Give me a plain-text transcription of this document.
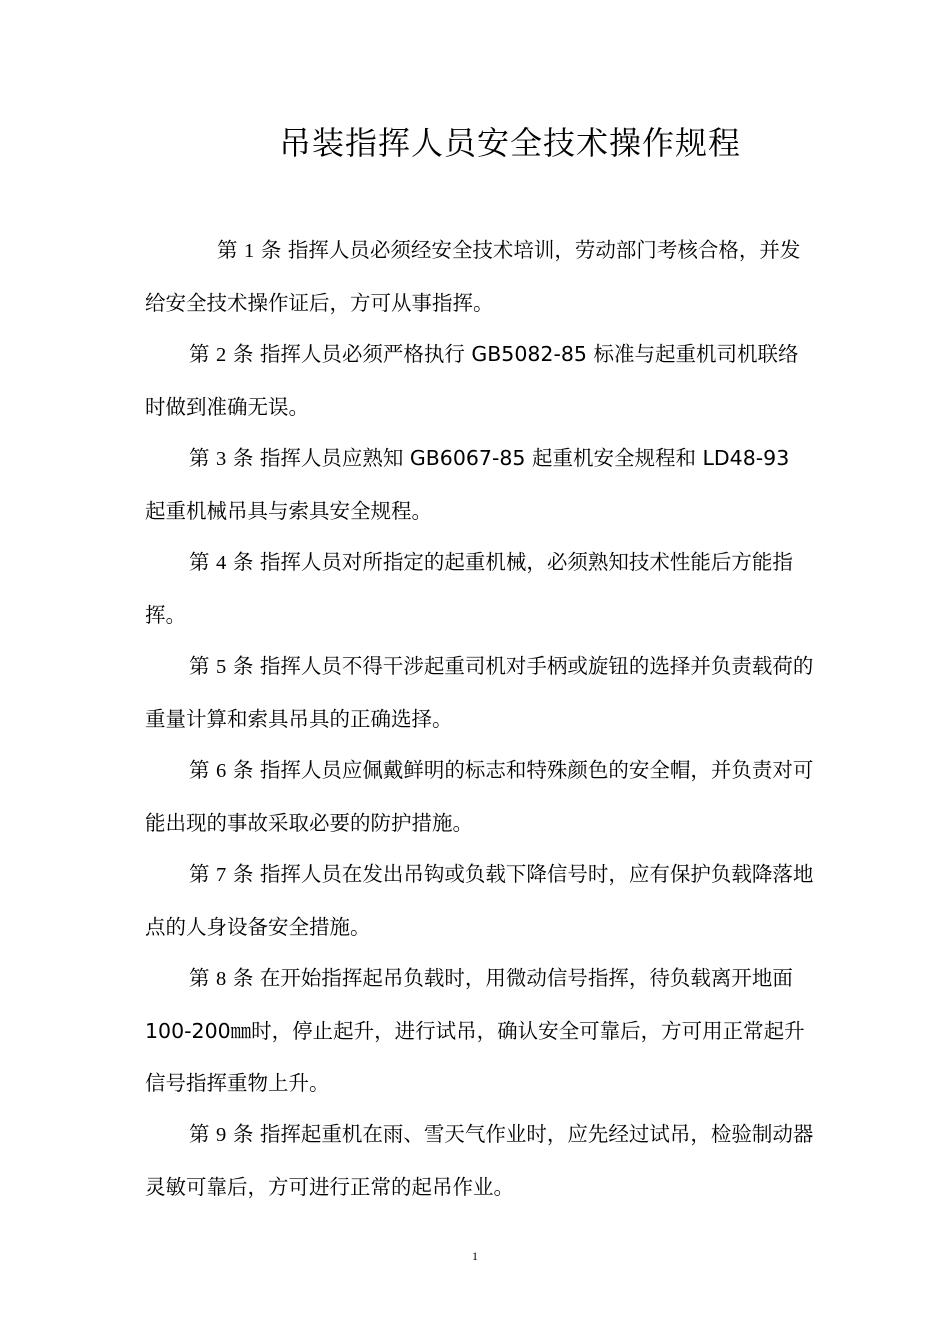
吊装指挥人员安全技术操作规程

第 1 条 指挥人员必须经安全技术培训，劳动部门考核合格，并发给安全技术操作证后，方可从事指挥。

第 2 条 指挥人员必须严格执行 GB5082-85 标准与起重机司机联络时做到准确无误。

第 3 条 指挥人员应熟知 GB6067-85 起重机安全规程和 LD48-93 起重机械吊具与索具安全规程。

第 4 条 指挥人员对所指定的起重机械，必须熟知技术性能后方能指挥。

第 5 条 指挥人员不得干涉起重司机对手柄或旋钮的选择并负责载荷的重量计算和索具吊具的正确选择。

第 6 条 指挥人员应佩戴鲜明的标志和特殊颜色的安全帽，并负责对可能出现的事故采取必要的防护措施。

第 7 条 指挥人员在发出吊钩或负载下降信号时，应有保护负载降落地点的人身设备安全措施。

第 8 条 在开始指挥起吊负载时，用微动信号指挥，待负载离开地面 100-200㎜时，停止起升，进行试吊，确认安全可靠后，方可用正常起升信号指挥重物上升。

第 9 条 指挥起重机在雨、雪天气作业时，应先经过试吊，检验制动器灵敏可靠后，方可进行正常的起吊作业。

1
